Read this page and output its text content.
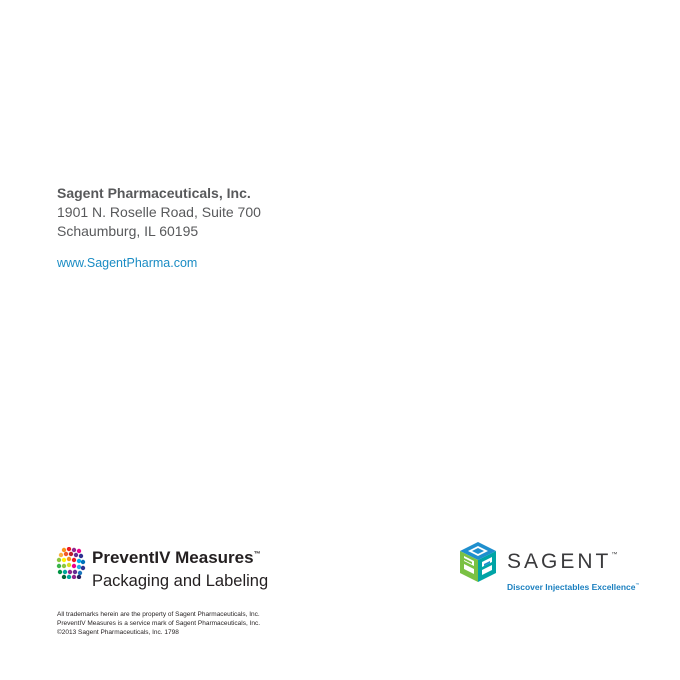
Sagent Pharmaceuticals, Inc.
1901 N. Roselle Road, Suite 700
Schaumburg, IL 60195
www.SagentPharma.com
PreventIV Measures™
Packaging and Labeling
All trademarks herein are the property of Sagent Pharmaceuticals, Inc.
PreventIV Measures is a service mark of Sagent Pharmaceuticals, Inc.
©2013 Sagent Pharmaceuticals, Inc. 1798
SAGENT™
Discover Injectables Excellence™
